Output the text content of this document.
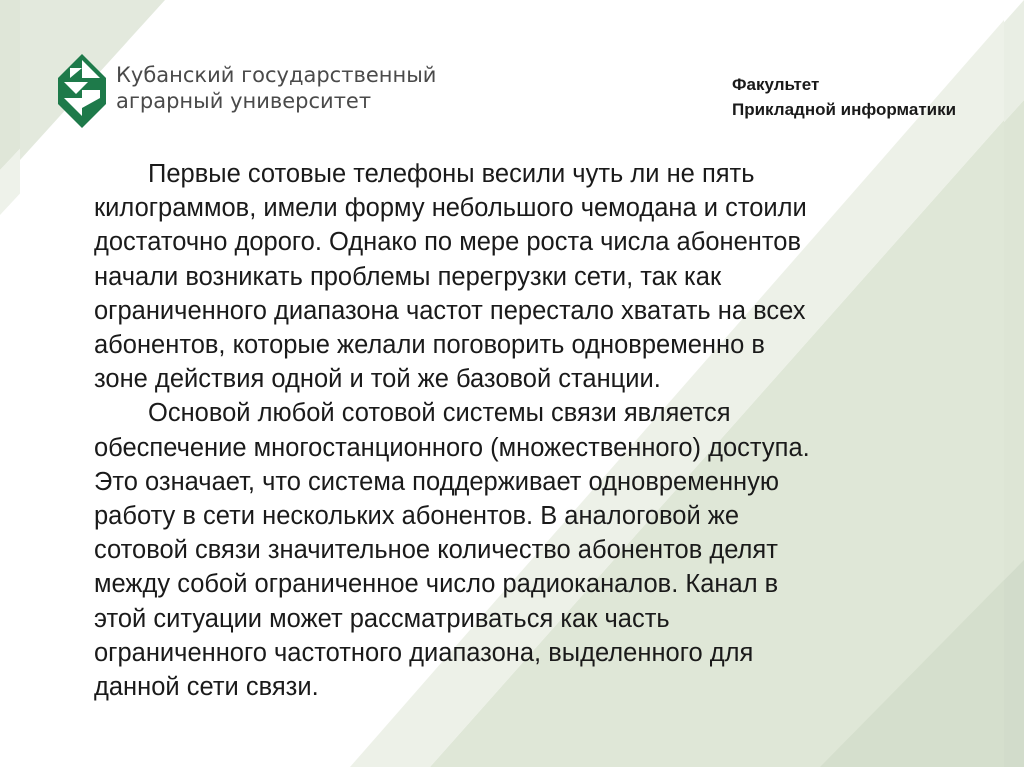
Кубанский государственный
аграрный университет
Факультет
Прикладной информатики
Первые сотовые телефоны весили чуть ли не пять
килограммов, имели форму небольшого чемодана и стоили
достаточно дорого. Однако по мере роста числа абонентов
начали возникать проблемы перегрузки сети, так как
ограниченного диапазона частот перестало хватать на всех
абонентов, которые желали поговорить одновременно в
зоне действия одной и той же базовой станции.
Основой любой сотовой системы связи является
обеспечение многостанционного (множественного) доступа.
Это означает, что система поддерживает одновременную
работу в сети нескольких абонентов. В аналоговой же
сотовой связи значительное количество абонентов делят
между собой ограниченное число радиоканалов. Канал в
этой ситуации может рассматриваться как часть
ограниченного частотного диапазона, выделенного для
данной сети связи.
